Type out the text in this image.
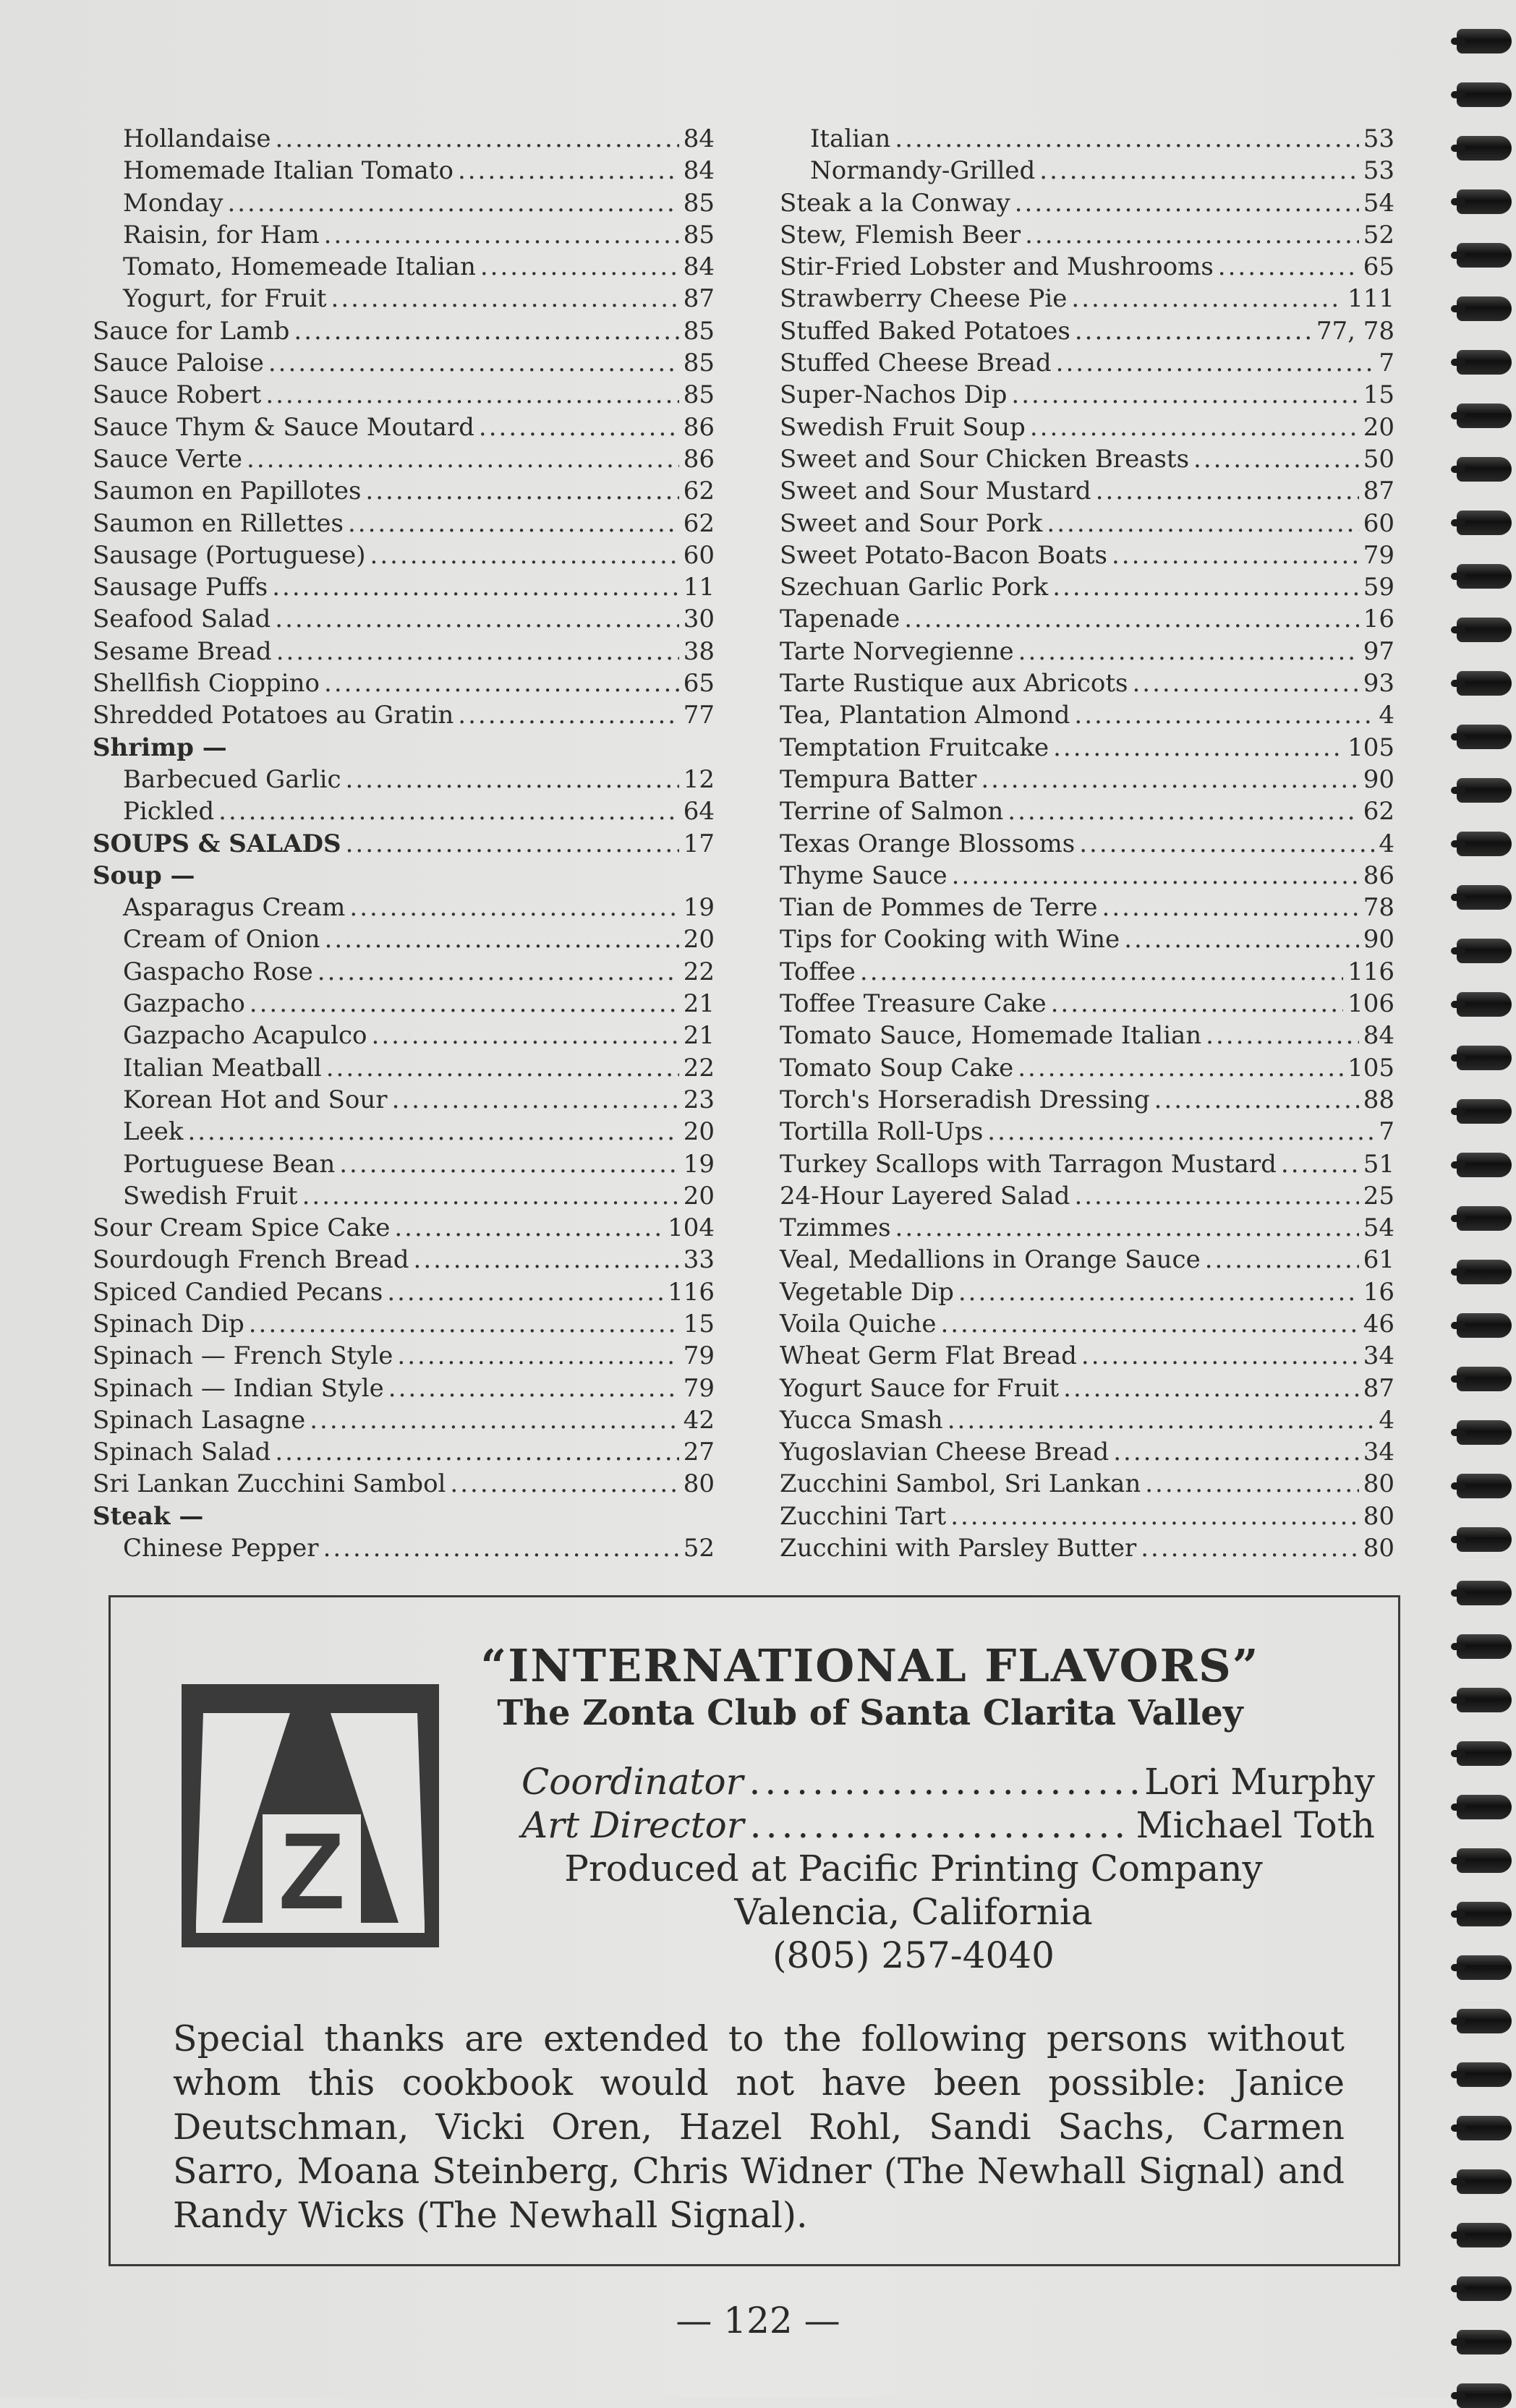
Hollandaise .....	84
Homemade Italian Tomato .....	84
Monday .....	85
Raisin, for Ham .....	85
Tomato, Homemeade Italian .....	84
Yogurt, for Fruit .....	87
Sauce for Lamb .....	85
Sauce Paloise .....	85
Sauce Robert .....	85
Sauce Thym & Sauce Moutard .....	86
Sauce Verte .....	86
Saumon en Papillotes .....	62
Saumon en Rillettes .....	62
Sausage (Portuguese) .....	60
Sausage Puffs .....	11
Seafood Salad .....	30
Sesame Bread .....	38
Shellfish Cioppino .....	65
Shredded Potatoes au Gratin .....	77
Shrimp —
Barbecued Garlic .....	12
Pickled .....	64
SOUPS & SALADS .....	17
Soup —
Asparagus Cream .....	19
Cream of Onion .....	20
Gaspacho Rose .....	22
Gazpacho .....	21
Gazpacho Acapulco .....	21
Italian Meatball .....	22
Korean Hot and Sour .....	23
Leek .....	20
Portuguese Bean .....	19
Swedish Fruit .....	20
Sour Cream Spice Cake .....	104
Sourdough French Bread .....	33
Spiced Candied Pecans .....	116
Spinach Dip .....	15
Spinach — French Style .....	79
Spinach — Indian Style .....	79
Spinach Lasagne .....	42
Spinach Salad .....	27
Sri Lankan Zucchini Sambol .....	80
Steak —
Chinese Pepper .....	52
Italian .....	53
Normandy-Grilled .....	53
Steak a la Conway .....	54
Stew, Flemish Beer .....	52
Stir-Fried Lobster and Mushrooms .....	65
Strawberry Cheese Pie .....	111
Stuffed Baked Potatoes .....	77, 78
Stuffed Cheese Bread .....	7
Super-Nachos Dip .....	15
Swedish Fruit Soup .....	20
Sweet and Sour Chicken Breasts .....	50
Sweet and Sour Mustard .....	87
Sweet and Sour Pork .....	60
Sweet Potato-Bacon Boats .....	79
Szechuan Garlic Pork .....	59
Tapenade .....	16
Tarte Norvegienne .....	97
Tarte Rustique aux Abricots .....	93
Tea, Plantation Almond .....	4
Temptation Fruitcake .....	105
Tempura Batter .....	90
Terrine of Salmon .....	62
Texas Orange Blossoms .....	4
Thyme Sauce .....	86
Tian de Pommes de Terre .....	78
Tips for Cooking with Wine .....	90
Toffee .....	116
Toffee Treasure Cake .....	106
Tomato Sauce, Homemade Italian .....	84
Tomato Soup Cake .....	105
Torch's Horseradish Dressing .....	88
Tortilla Roll-Ups .....	7
Turkey Scallops with Tarragon Mustard .....	51
24-Hour Layered Salad .....	25
Tzimmes .....	54
Veal, Medallions in Orange Sauce .....	61
Vegetable Dip .....	16
Voila Quiche .....	46
Wheat Germ Flat Bread .....	34
Yogurt Sauce for Fruit .....	87
Yucca Smash .....	4
Yugoslavian Cheese Bread .....	34
Zucchini Sambol, Sri Lankan .....	80
Zucchini Tart .....	80
Zucchini with Parsley Butter .....	80
Z
“INTERNATIONAL FLAVORS”
The Zonta Club of Santa Clarita Valley
Coordinator .....	Lori Murphy
Art Director .....	Michael Toth
Produced at Pacific Printing Company
Valencia, California
(805) 257-4040
Special thanks are extended to the following persons without whom this cookbook would not have been possible: Janice Deutschman, Vicki Oren, Hazel Rohl, Sandi Sachs, Carmen Sarro, Moana Steinberg, Chris Widner (The Newhall Signal) and Randy Wicks (The Newhall Signal).
— 122 —
